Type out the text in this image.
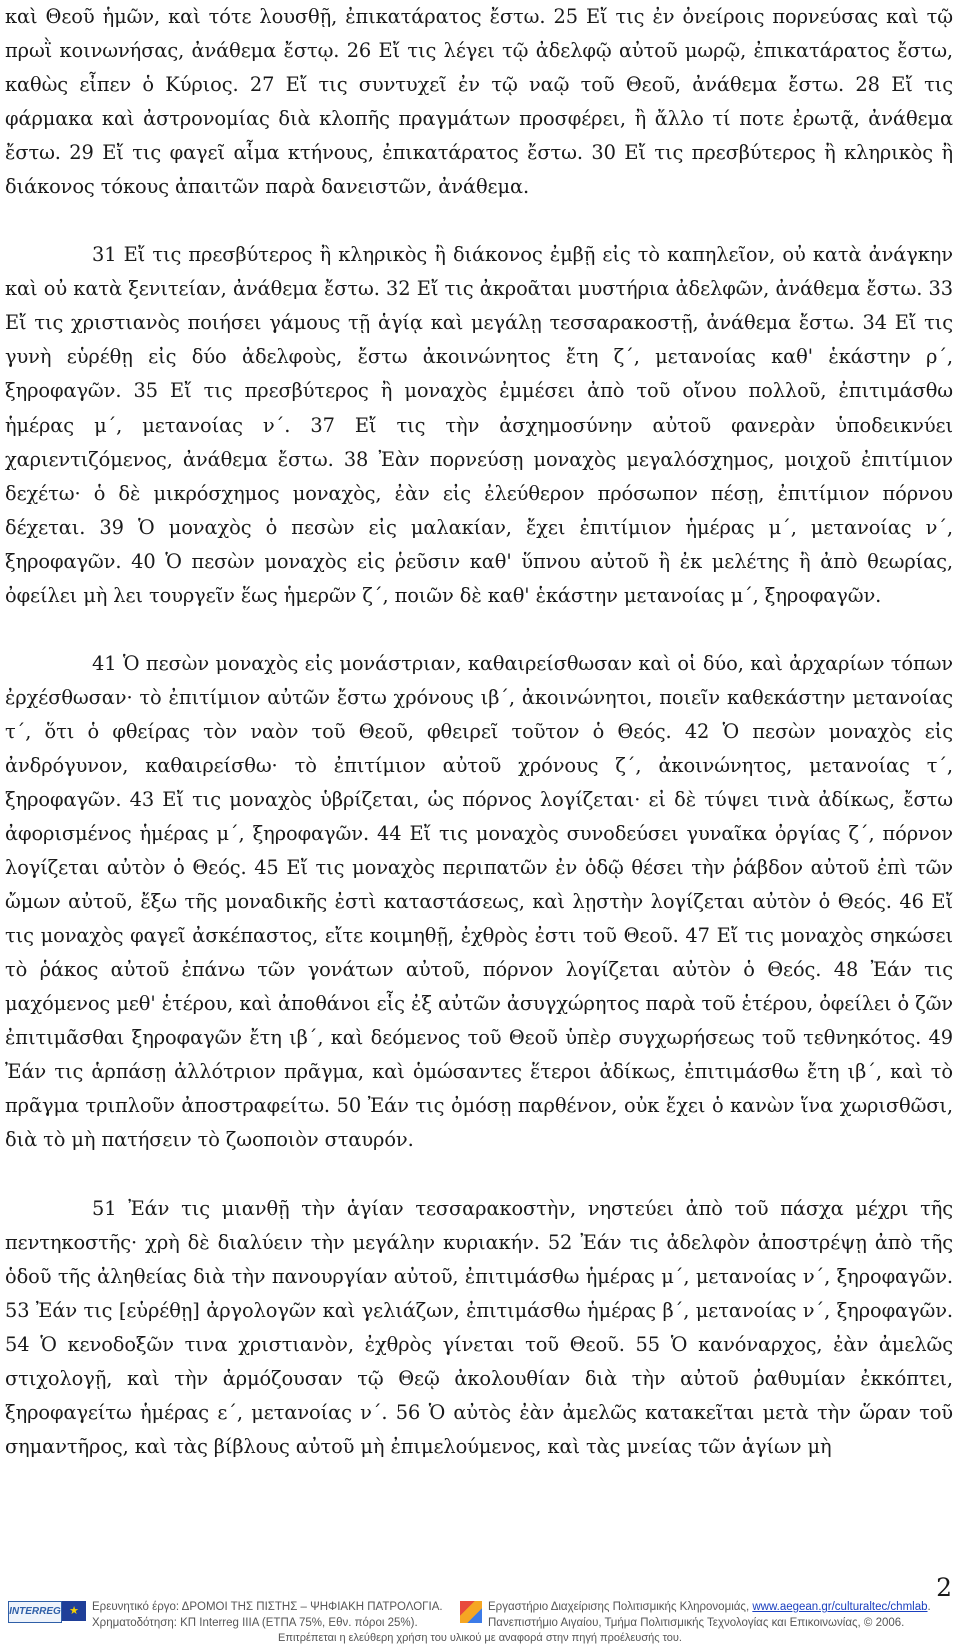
καὶ Θεοῦ ἡμῶν, καὶ τότε λουσθῇ, ἐπικατάρατος ἔστω. 25 Εἴ τις ἐν ὀνείροις πορνεύσας καὶ τῷ πρωῒ κοινωνήσας, ἀνάθεμα ἔστῳ. 26 Εἴ τις λέγει τῷ ἀδελφῷ αὐτοῦ μωρῷ, ἐπικατάρατος ἔστω, καθὼς εἶπεν ὁ Κύριος. 27 Εἴ τις συντυχεῖ ἐν τῷ ναῷ τοῦ Θεοῦ, ἀνάθεμα ἔστω. 28 Εἴ τις φάρμακα καὶ ἀστρονομίας διὰ κλοπῆς πραγμάτων προσφέρει, ἢ ἄλλο τί ποτε ἐρωτᾷ, ἀνάθεμα ἔστω. 29 Εἴ τις φαγεῖ αἷμα κτήνους, ἐπικατάρατος ἔστω. 30 Εἴ τις πρεσβύτερος ἢ κληρικὸς ἢ διάκονος τόκους ἀπαιτῶν παρὰ δανειστῶν, ἀνάθεμα.

31 Εἴ τις πρεσβύτερος ἢ κληρικὸς ἢ διάκονος ἐμβῇ εἰς τὸ καπηλεῖον, οὐ κατὰ ἀνάγκην καὶ οὐ κατὰ ξενιτείαν, ἀνάθεμα ἔστω. 32 Εἴ τις ἀκροᾶται μυστήρια ἀδελφῶν, ἀνάθεμα ἔστω. 33 Εἴ τις χριστιανὸς ποιήσει γάμους τῇ ἁγίᾳ καὶ μεγάλῃ τεσσαρακοστῇ, ἀνάθεμα ἔστω. 34 Εἴ τις γυνὴ εὑρέθῃ εἰς δύο ἀδελφοὺς, ἔστω ἀκοινώνητος ἔτη ζ΄, μετανοίας καθ' ἑκάστην ρ΄, ξηροφαγῶν. 35 Εἴ τις πρεσβύτερος ἢ μοναχὸς ἐμμέσει ἀπὸ τοῦ οἴνου πολλοῦ, ἐπιτιμάσθω ἡμέρας μ΄, μετανοίας ν΄. 37 Εἴ τις τὴν ἀσχημοσύνην αὐτοῦ φανερὰν ὑποδεικνύει χαριεντιζόμενος, ἀνάθεμα ἔστω. 38 Ἐὰν πορνεύσῃ μοναχὸς μεγαλόσχημος, μοιχοῦ ἐπιτίμιον δεχέτω· ὁ δὲ μικρόσχημος μοναχὸς, ἐὰν εἰς ἐλεύθερον πρόσωπον πέσῃ, ἐπιτίμιον πόρνου δέχεται. 39 Ὁ μοναχὸς ὁ πεσὼν εἰς μαλακίαν, ἔχει ἐπιτίμιον ἡμέρας μ΄, μετανοίας ν΄, ξηροφαγῶν. 40 Ὁ πεσὼν μοναχὸς εἰς ῥεῦσιν καθ' ὕπνου αὐτοῦ ἢ ἐκ μελέτης ἢ ἀπὸ θεωρίας, ὀφείλει μὴ λει τουργεῖν ἕως ἡμερῶν ζ΄, ποιῶν δὲ καθ' ἑκάστην μετανοίας μ΄, ξηροφαγῶν.

41 Ὁ πεσὼν μοναχὸς εἰς μονάστριαν, καθαιρείσθωσαν καὶ οἱ δύο, καὶ ἀρχαρίων τόπων ἐρχέσθωσαν· τὸ ἐπιτίμιον αὐτῶν ἔστω χρόνους ιβ΄, ἀκοινώνητοι, ποιεῖν καθεκάστην μετανοίας τ΄, ὅτι ὁ φθείρας τὸν ναὸν τοῦ Θεοῦ, φθειρεῖ τοῦτον ὁ Θεός. 42 Ὁ πεσὼν μοναχὸς εἰς ἀνδρόγυνον, καθαιρείσθω· τὸ ἐπιτίμιον αὐτοῦ χρόνους ζ΄, ἀκοινώνητος, μετανοίας τ΄, ξηροφαγῶν. 43 Εἴ τις μοναχὸς ὑβρίζεται, ὡς πόρνος λογίζεται· εἰ δὲ τύψει τινὰ ἀδίκως, ἔστω ἀφορισμένος ἡμέρας μ΄, ξηροφαγῶν. 44 Εἴ τις μοναχὸς συνοδεύσει γυναῖκα ὀργίας ζ΄, πόρνον λογίζεται αὐτὸν ὁ Θεός. 45 Εἴ τις μοναχὸς περιπατῶν ἐν ὁδῷ θέσει τὴν ῥάβδον αὐτοῦ ἐπὶ τῶν ὤμων αὐτοῦ, ἔξω τῆς μοναδικῆς ἐστὶ καταστάσεως, καὶ λῃστὴν λογίζεται αὐτὸν ὁ Θεός. 46 Εἴ τις μοναχὸς φαγεῖ ἀσκέπαστος, εἴτε κοιμηθῇ, ἐχθρὸς ἐστι τοῦ Θεοῦ. 47 Εἴ τις μοναχὸς σηκώσει τὸ ῥάκος αὐτοῦ ἐπάνω τῶν γονάτων αὐτοῦ, πόρνον λογίζεται αὐτὸν ὁ Θεός. 48 Ἐάν τις μαχόμενος μεθ' ἑτέρου, καὶ ἀποθάνοι εἷς ἐξ αὐτῶν ἀσυγχώρητος παρὰ τοῦ ἑτέρου, ὀφείλει ὁ ζῶν ἐπιτιμᾶσθαι ξηροφαγῶν ἔτη ιβ΄, καὶ δεόμενος τοῦ Θεοῦ ὑπὲρ συγχωρήσεως τοῦ τεθνηκότος. 49 Ἐάν τις ἁρπάσῃ ἀλλότριον πρᾶγμα, καὶ ὁμώσαντες ἕτεροι ἀδίκως, ἐπιτιμάσθω ἔτη ιβ΄, καὶ τὸ πρᾶγμα τριπλοῦν ἀποστραφείτω. 50 Ἐάν τις ὀμόσῃ παρθένον, οὐκ ἔχει ὁ κανὼν ἵνα χωρισθῶσι, διὰ τὸ μὴ πατήσειν τὸ ζωοποιὸν σταυρόν.

51 Ἐάν τις μιανθῇ τὴν ἁγίαν τεσσαρακοστὴν, νηστεύει ἀπὸ τοῦ πάσχα μέχρι τῆς πεντηκοστῆς· χρὴ δὲ διαλύειν τὴν μεγάλην κυριακήν. 52 Ἐάν τις ἀδελφὸν ἀποστρέψῃ ἀπὸ τῆς ὁδοῦ τῆς ἀληθείας διὰ τὴν πανουργίαν αὐτοῦ, ἐπιτιμάσθω ἡμέρας μ΄, μετανοίας ν΄, ξηροφαγῶν. 53 Ἐάν τις [εὑρέθῃ] ἀργολογῶν καὶ γελιάζων, ἐπιτιμάσθω ἡμέρας β΄, μετανοίας ν΄, ξηροφαγῶν. 54 Ὁ κενοδοξῶν τινα χριστιανὸν, ἐχθρὸς γίνεται τοῦ Θεοῦ. 55 Ὁ κανόναρχος, ἐὰν ἀμελῶς στιχολογῇ, καὶ τὴν ἁρμόζουσαν τῷ Θεῷ ἀκολουθίαν διὰ τὴν αὐτοῦ ῥαθυμίαν ἐκκόπτει, ξηροφαγείτω ἡμέρας ε΄, μετανοίας ν΄. 56 Ὁ αὐτὸς ἐὰν ἀμελῶς κατακεῖται μετὰ τὴν ὥραν τοῦ σημαντῆρος, καὶ τὰς βίβλους αὐτοῦ μὴ ἐπιμελούμενος, καὶ τὰς μνείας τῶν ἁγίων μὴ

2
INTERREG ★	Ερευνητικό έργο: ΔΡΟΜΟΙ ΤΗΣ ΠΙΣΤΗΣ – ΨΗΦΙΑΚΗ ΠΑΤΡΟΛΟΓΙΑ.
Χρηματοδότηση: ΚΠ Interreg IIIA (ΕΤΠΑ 75%, Εθν. πόροι 25%).
Εργαστήριο Διαχείρισης Πολιτισμικής Κληρονομιάς, www.aegean.gr/culturaltec/chmlab.
Πανεπιστήμιο Αιγαίου, Τμήμα Πολιτισμικής Τεχνολογίας και Επικοινωνίας, © 2006.
Επιτρέπεται η ελεύθερη χρήση του υλικού με αναφορά στην πηγή προέλευσής του.
